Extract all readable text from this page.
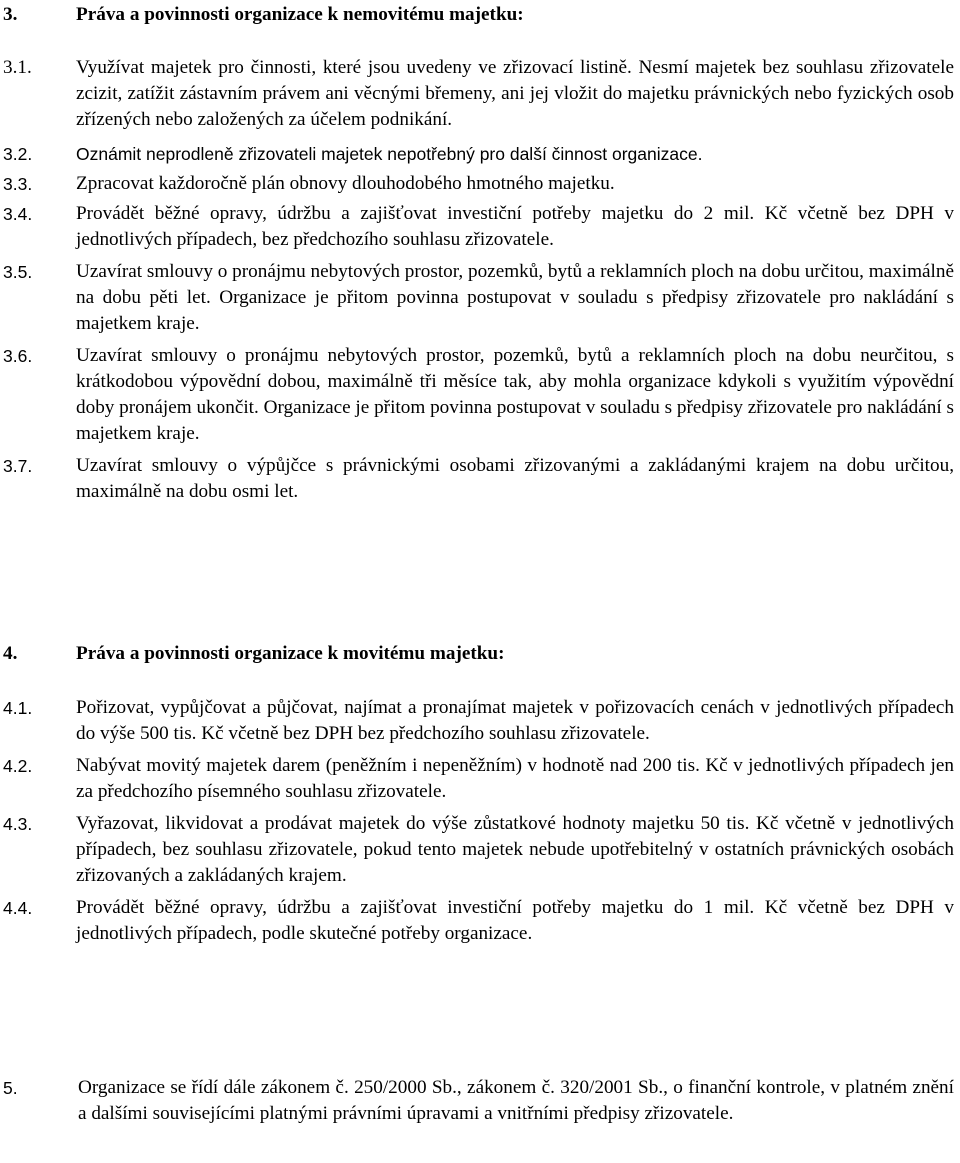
3.	Práva a povinnosti organizace k nemovitému majetku:
3.1. Využívat majetek pro činnosti, které jsou uvedeny ve zřizovací listině. Nesmí majetek bez souhlasu zřizovatele zcizit, zatížit zástavním právem ani věcnými břemeny, ani jej vložit do majetku právnických nebo fyzických osob zřízených nebo založených za účelem podnikání.
3.2.	Oznámit neprodleně zřizovateli majetek nepotřebný pro další činnost organizace.
3.3. Zpracovat každoročně plán obnovy dlouhodobého hmotného majetku.
3.4. Provádět běžné opravy, údržbu a zajišťovat investiční potřeby majetku do 2 mil. Kč včetně bez DPH v jednotlivých případech, bez předchozího souhlasu zřizovatele.
3.5. Uzavírat smlouvy o pronájmu nebytových prostor, pozemků, bytů a reklamních ploch na dobu určitou, maximálně na dobu pěti let. Organizace je přitom povinna postupovat v souladu s předpisy zřizovatele pro nakládání s majetkem kraje.
3.6. Uzavírat smlouvy o pronájmu nebytových prostor, pozemků, bytů a reklamních ploch na dobu neurčitou, s krátkodobou výpovědní dobou, maximálně tři měsíce tak, aby mohla organizace kdykoli s využitím výpovědní doby pronájem ukončit. Organizace je přitom povinna postupovat v souladu s předpisy zřizovatele pro nakládání s majetkem kraje.
3.7. Uzavírat smlouvy o výpůjčce s právnickými osobami zřizovanými a zakládanými krajem na dobu určitou, maximálně na dobu osmi let.
4.	Práva a povinnosti organizace k movitému majetku:
4.1. Pořizovat, vypůjčovat a půjčovat, najímat a pronajímat majetek v pořizovacích cenách v jednotlivých případech do výše 500 tis. Kč včetně bez DPH bez předchozího souhlasu zřizovatele.
4.2. Nabývat movitý majetek darem (peněžním i nepeněžním) v hodnotě nad 200 tis. Kč v jednotlivých případech jen za předchozího písemného souhlasu zřizovatele.
4.3. Vyřazovat, likvidovat a prodávat majetek do výše zůstatkové hodnoty majetku 50 tis. Kč včetně v jednotlivých případech, bez souhlasu zřizovatele, pokud tento majetek nebude upotřebitelný v ostatních právnických osobách zřizovaných a zakládaných krajem.
4.4. Provádět běžné opravy, údržbu a zajišťovat investiční potřeby majetku do 1 mil. Kč včetně bez DPH v jednotlivých případech, podle skutečné potřeby organizace.
5.	Organizace se řídí dále zákonem č. 250/2000 Sb., zákonem č. 320/2001 Sb., o finanční kontrole, v platném znění a dalšími souvisejícími platnými právními úpravami a vnitřními předpisy zřizovatele.
